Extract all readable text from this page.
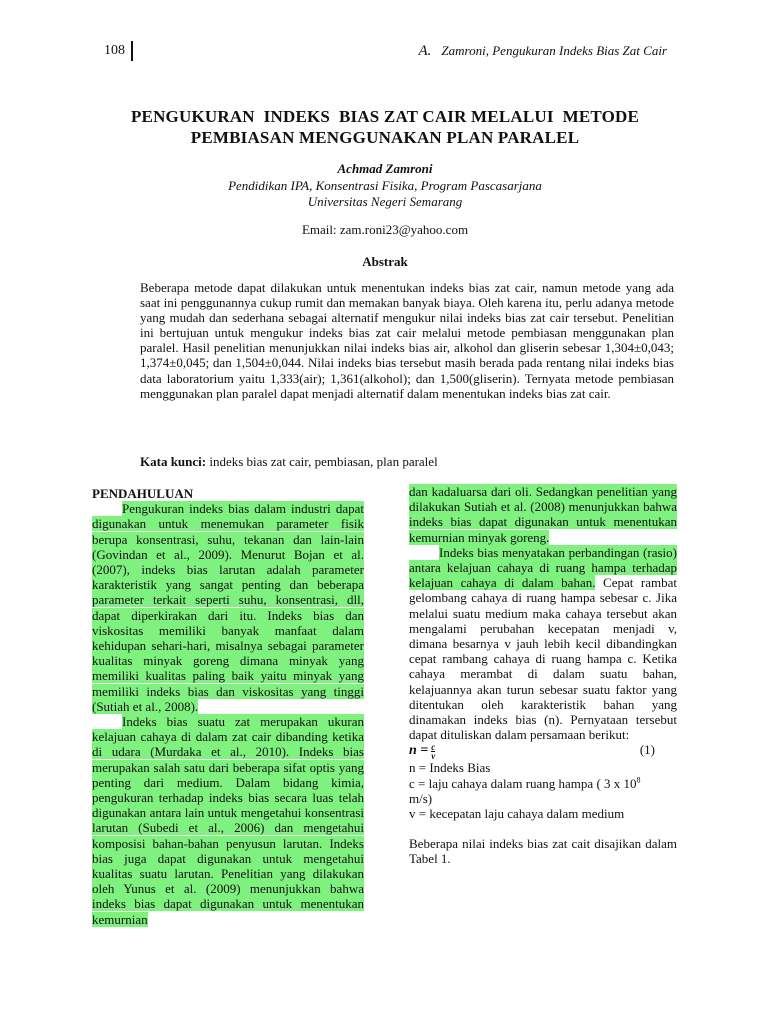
108	A. Zamroni, Pengukuran Indeks Bias Zat Cair
PENGUKURAN  INDEKS  BIAS ZAT CAIR MELALUI  METODE
PEMBIASAN MENGGUNAKAN PLAN PARALEL
Achmad Zamroni
Pendidikan IPA, Konsentrasi Fisika, Program Pascasarjana
Universitas Negeri Semarang
Email: zam.roni23@yahoo.com
Abstrak
Beberapa metode dapat dilakukan untuk menentukan indeks bias zat cair, namun metode yang ada saat ini penggunannya cukup rumit dan memakan banyak biaya. Oleh karena itu, perlu adanya metode yang mudah dan sederhana sebagai alternatif mengukur nilai indeks bias zat cair tersebut. Penelitian ini bertujuan untuk mengukur indeks bias zat cair melalui metode pembiasan menggunakan plan paralel. Hasil penelitian menunjukkan nilai indeks bias air, alkohol dan gliserin sebesar 1,304±0,043; 1,374±0,045; dan 1,504±0,044. Nilai indeks bias tersebut masih berada pada rentang nilai indeks bias data laboratorium yaitu 1,333(air); 1,361(alkohol); dan 1,500(gliserin). Ternyata metode pembiasan menggunakan plan paralel dapat menjadi alternatif dalam menentukan indeks bias zat cair.
Kata kunci: indeks bias zat cair, pembiasan, plan paralel
PENDAHULUAN

Pengukuran indeks bias dalam industri dapat digunakan untuk menemukan parameter fisik berupa konsentrasi, suhu, tekanan dan lain-lain (Govindan et al., 2009). Menurut Bojan et al. (2007), indeks bias larutan adalah parameter karakteristik yang sangat penting dan beberapa parameter terkait seperti suhu, konsentrasi, dll, dapat diperkirakan dari itu. Indeks bias dan viskositas memiliki banyak manfaat dalam kehidupan sehari-hari, misalnya sebagai parameter kualitas minyak goreng dimana minyak yang memiliki kualitas paling baik yaitu minyak yang memiliki indeks bias dan viskositas yang tinggi (Sutiah et al., 2008).

Indeks bias suatu zat merupakan ukuran kelajuan cahaya di dalam zat cair dibanding ketika di udara (Murdaka et al., 2010). Indeks bias merupakan salah satu dari beberapa sifat optis yang penting dari medium. Dalam bidang kimia, pengukuran terhadap indeks bias secara luas telah digunakan antara lain untuk mengetahui konsentrasi larutan (Subedi et al., 2006) dan mengetahui komposisi bahan-bahan penyusun larutan. Indeks bias juga dapat digunakan untuk mengetahui kualitas suatu larutan. Penelitian yang dilakukan oleh Yunus et al. (2009) menunjukkan bahwa indeks bias dapat digunakan untuk menentukan kemurnian

dan kadaluarsa dari oli. Sedangkan penelitian yang dilakukan Sutiah et al. (2008) menunjukkan bahwa indeks bias dapat digunakan untuk menentukan kemurnian minyak goreng.

Indeks bias menyatakan perbandingan (rasio) antara kelajuan cahaya di ruang hampa terhadap kelajuan cahaya di dalam bahan. Cepat rambat gelombang cahaya di ruang hampa sebesar c. Jika melalui suatu medium maka cahaya tersebut akan mengalami perubahan kecepatan menjadi v, dimana besarnya v jauh lebih kecil dibandingkan cepat rambang cahaya di ruang hampa c. Ketika cahaya merambat di dalam suatu bahan, kelajuannya akan turun sebesar suatu faktor yang ditentukan oleh karakteristik bahan yang dinamakan indeks bias (n). Pernyataan tersebut dapat dituliskan dalam persamaan berikut:

$n = \frac{c}{v}$	(1)
n = Indeks Bias
c = laju cahaya dalam ruang hampa ( 3 x $10^8$
m/s)
v = kecepatan laju cahaya dalam medium

Beberapa nilai indeks bias zat cait disajikan dalam Tabel 1.
